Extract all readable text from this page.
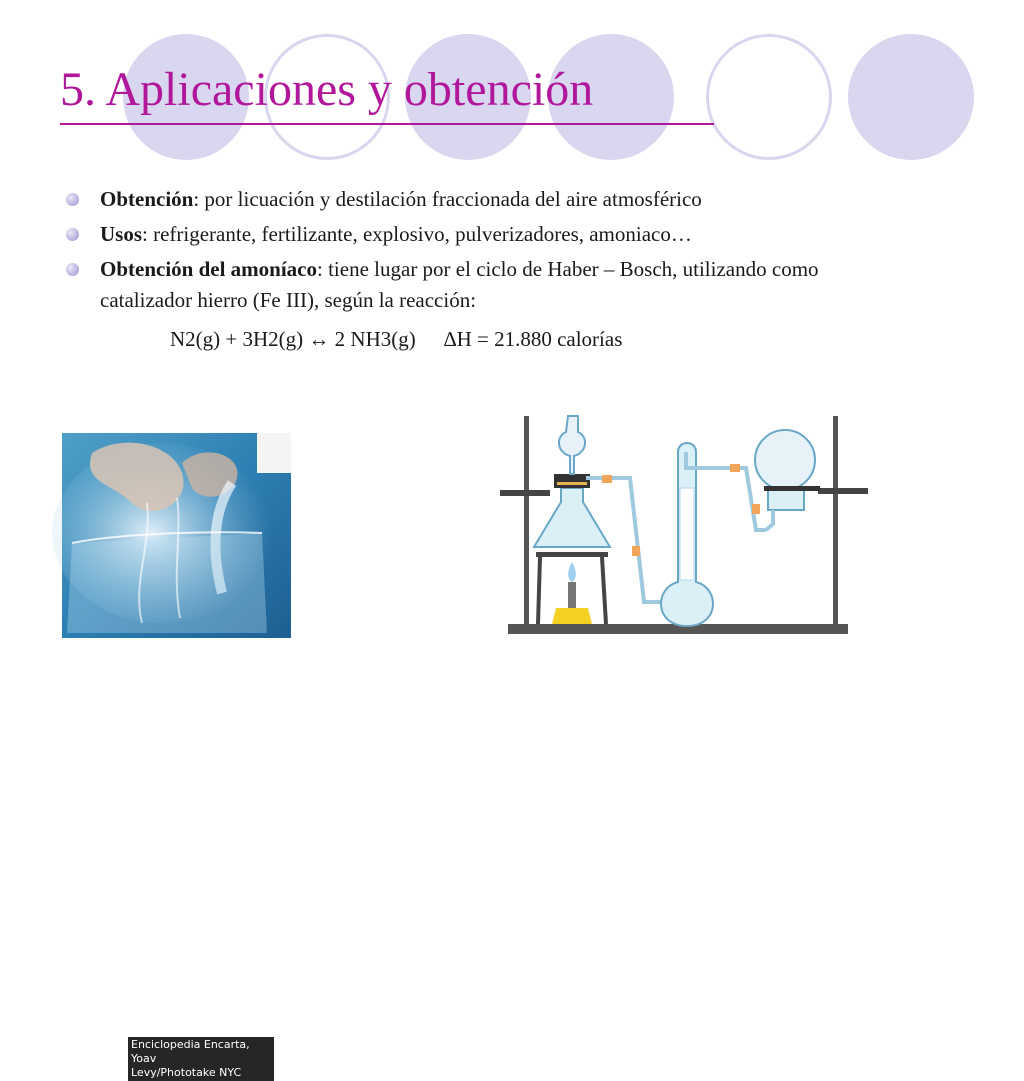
5. Aplicaciones y obtención
Obtención: por licuación y destilación fraccionada del aire atmosférico
Usos: refrigerante, fertilizante, explosivo, pulverizadores, amoniaco…
Obtención del amoníaco: tiene lugar por el ciclo de Haber – Bosch, utilizando como catalizador hierro (Fe III), según la reacción:
N2(g) + 3H2(g) ↔ 2 NH3(g) ∆H = 21.880 calorías
Enciclopedia Encarta, Yoav
Levy/Phototake NYC
